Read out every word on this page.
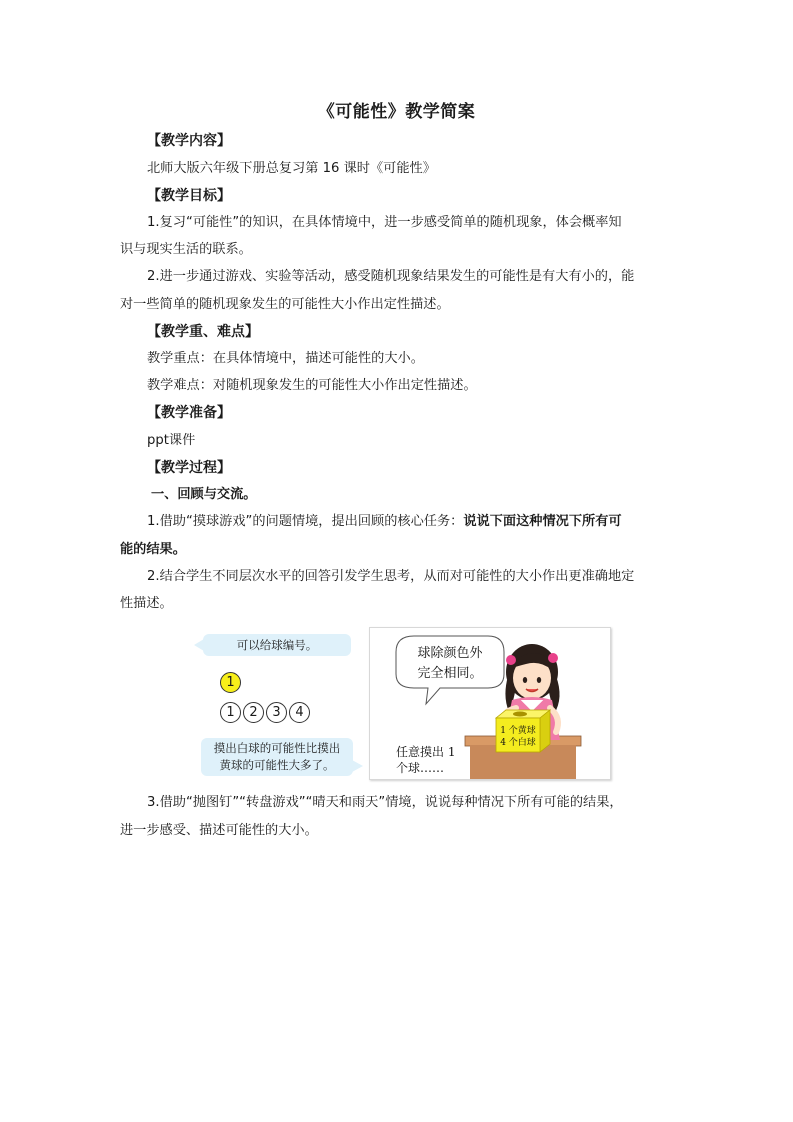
《可能性》教学简案
【教学内容】
北师大版六年级下册总复习第 16 课时《可能性》
【教学目标】
1.复习“可能性”的知识，在具体情境中，进一步感受简单的随机现象，体会概率知
识与现实生活的联系。
2.进一步通过游戏、实验等活动，感受随机现象结果发生的可能性是有大有小的，能
对一些简单的随机现象发生的可能性大小作出定性描述。
【教学重、难点】
教学重点：在具体情境中，描述可能性的大小。
教学难点：对随机现象发生的可能性大小作出定性描述。
【教学准备】
ppt课件
【教学过程】
一、回顾与交流。
1.借助“摸球游戏”的问题情境，提出回顾的核心任务：说说下面这种情况下所有可
能的结果。
2.结合学生不同层次水平的回答引发学生思考，从而对可能性的大小作出更准确地定
性描述。
可以给球编号。
1
1	2	3	4
摸出白球的可能性比摸出
黄球的可能性大多了。
球除颜色外
完全相同。
1 个黄球
4 个白球
任意摸出 1
个球……
3.借助“抛图钉”“转盘游戏”“晴天和雨天”情境，说说每种情况下所有可能的结果，
进一步感受、描述可能性的大小。
